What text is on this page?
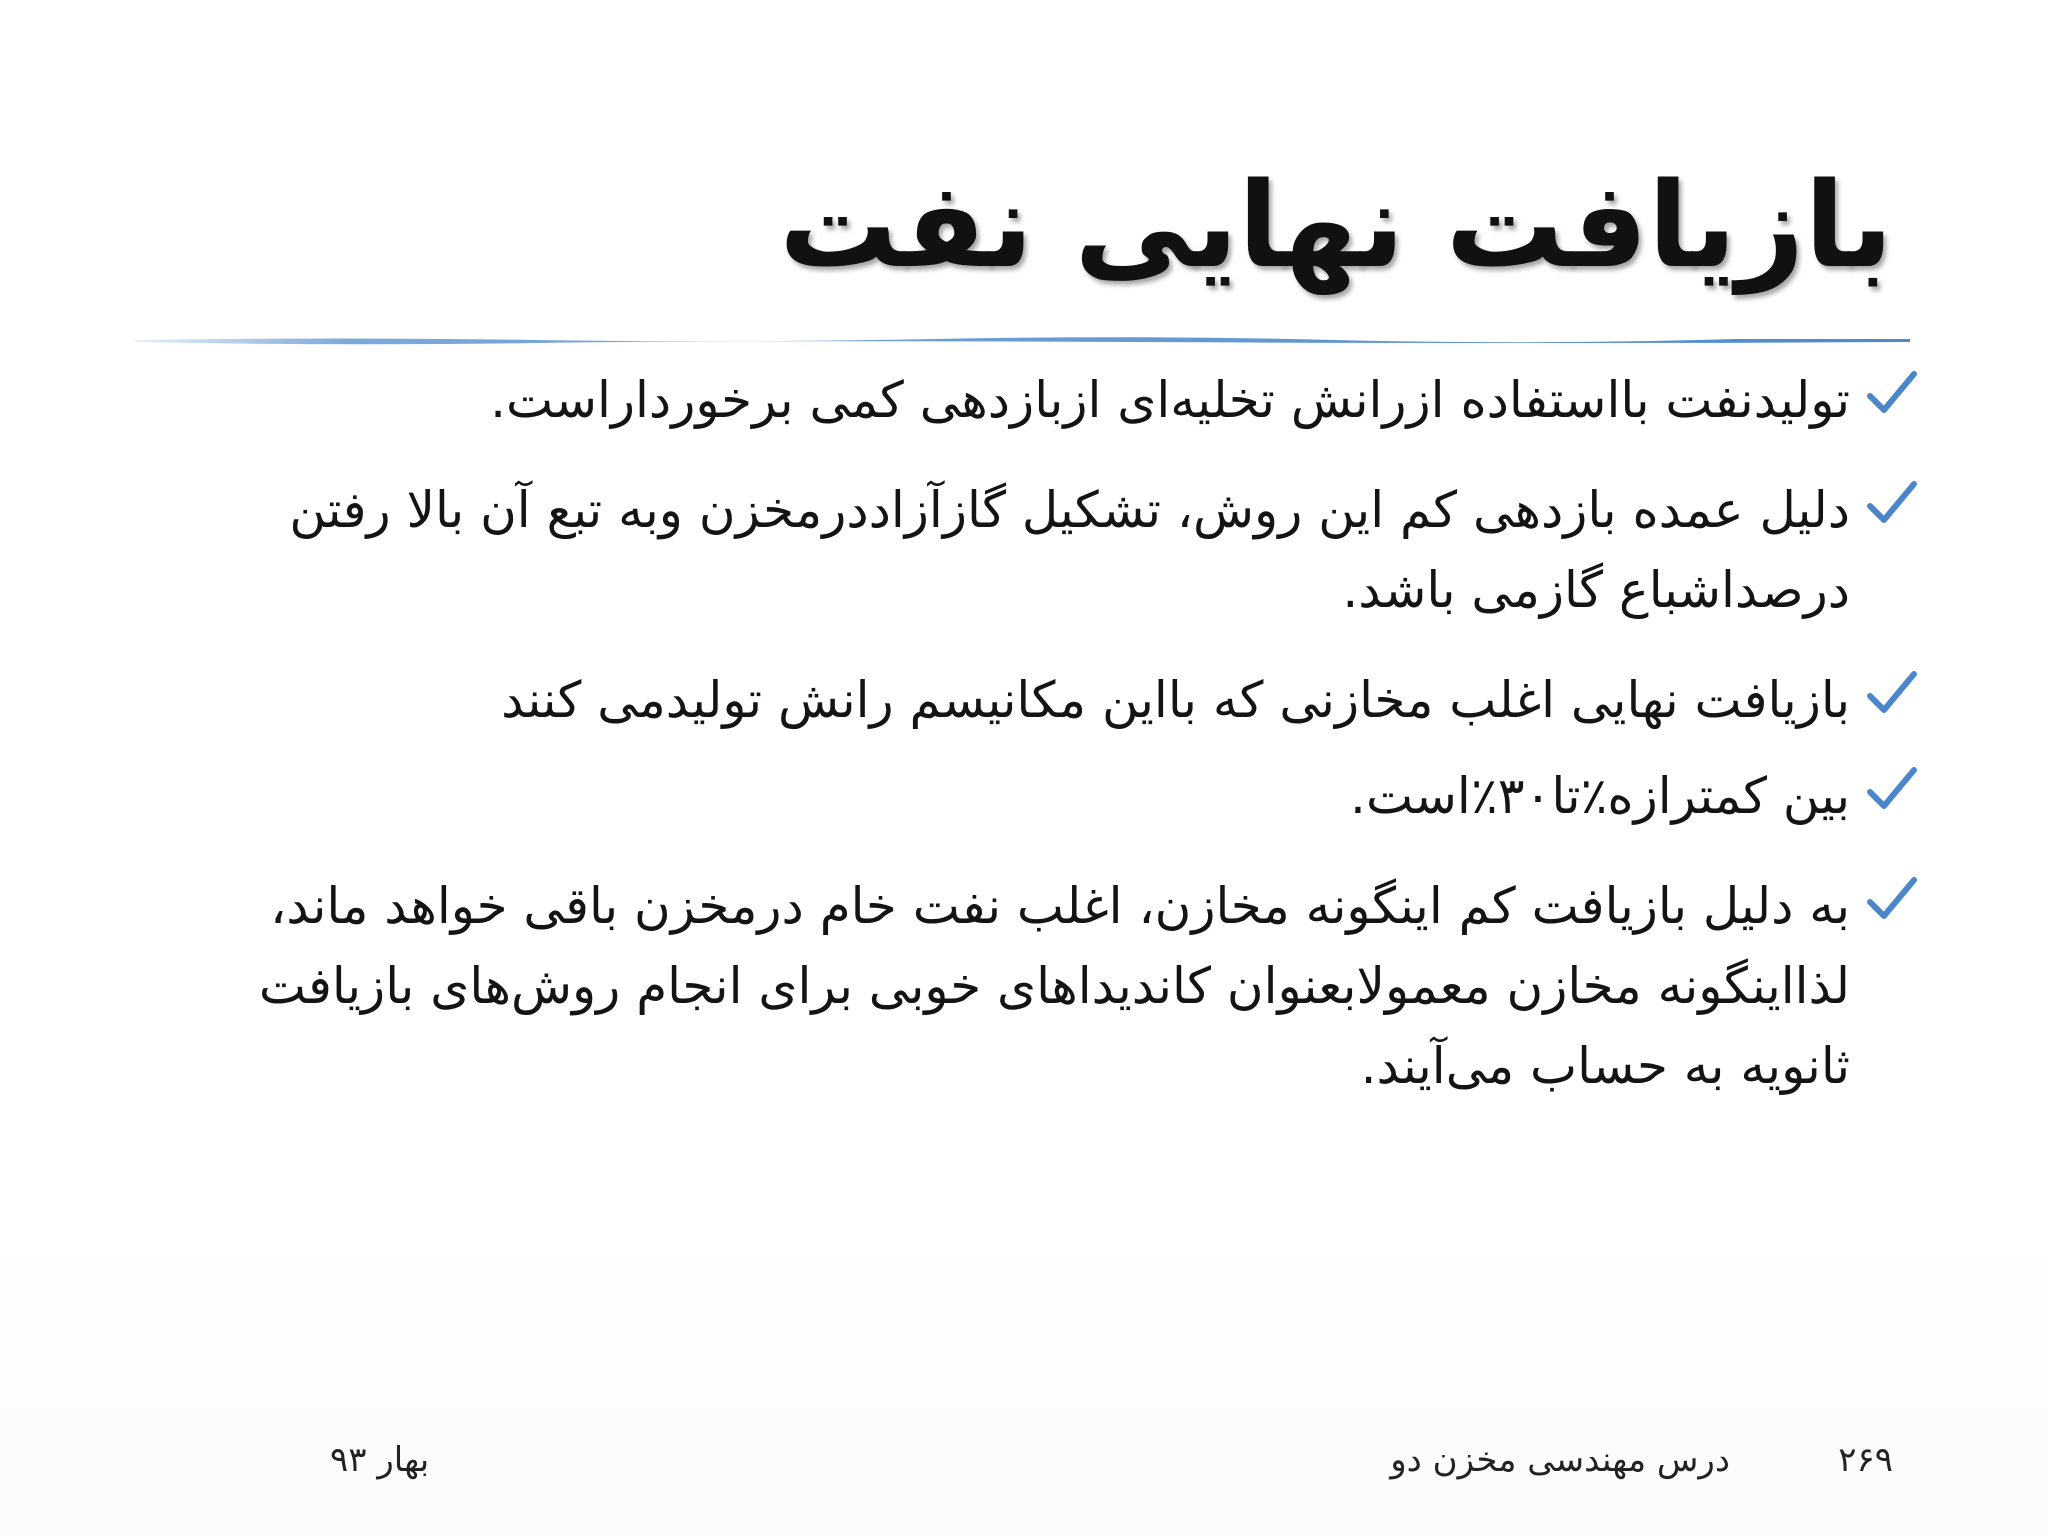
بازیافت نهایی نفت
تولیدنفت بااستفاده ازرانش تخلیه‌ای ازبازدهی کمی برخورداراست.
دلیل عمده بازدهی کم این روش، تشکیل گازآزاددرمخزن وبه تبع آن بالا رفتن درصداشباع گازمی باشد.
بازیافت نهایی اغلب مخازنی که بااین مکانیسم رانش تولیدمی کنند
بین کمترازه٪تا۳۰٪است.
به دلیل بازیافت کم اینگونه مخازن، اغلب نفت خام درمخزن باقی خواهد ماند، لذااینگونه مخازن معمولابعنوان کاندیداهای خوبی برای انجام روش‌های بازیافت ثانویه به حساب می‌آیند.
۲۶۹
درس مهندسی مخزن دو
بهار ۹۳
